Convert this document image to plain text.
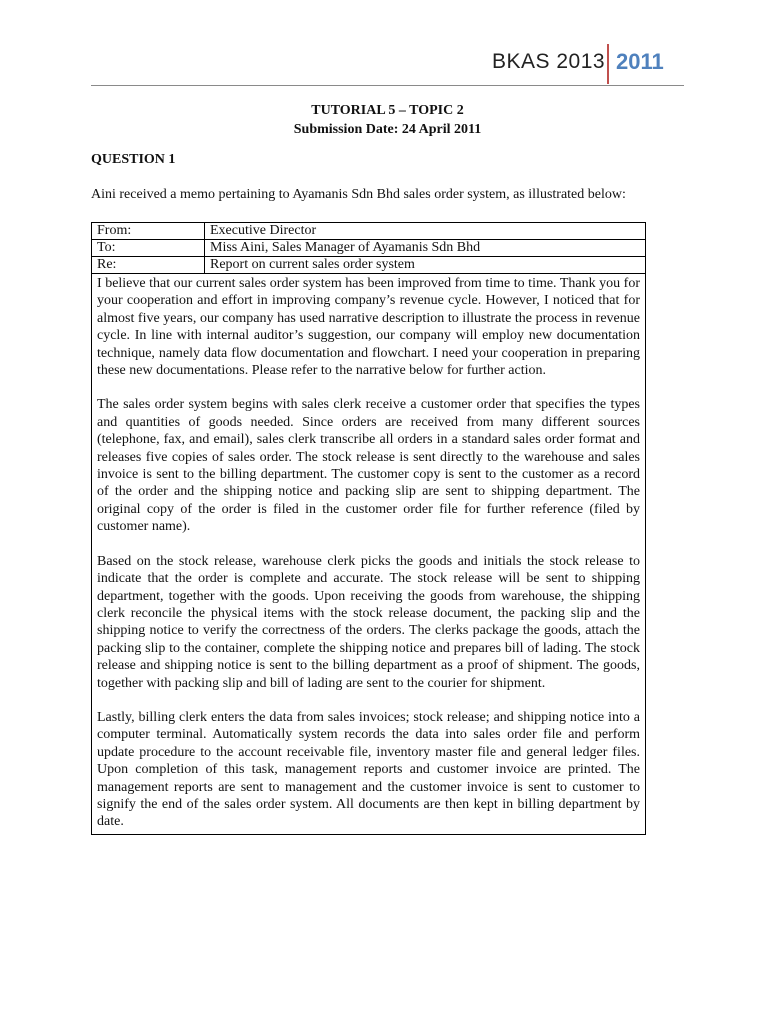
BKAS 2013 2011
TUTORIAL 5 – TOPIC 2
Submission Date: 24 April 2011
QUESTION 1
Aini received a memo pertaining to Ayamanis Sdn Bhd sales order system, as illustrated below:
From:	Executive Director
To:	Miss Aini, Sales Manager of Ayamanis Sdn Bhd
Re:	Report on current sales order system

I believe that our current sales order system has been improved from time to time. Thank you for your cooperation and effort in improving company’s revenue cycle. However, I noticed that for almost five years, our company has used narrative description to illustrate the process in revenue cycle. In line with internal auditor’s suggestion, our company will employ new documentation technique, namely data flow documentation and flowchart. I need your cooperation in preparing these new documentations. Please refer to the narrative below for further action.

The sales order system begins with sales clerk receive a customer order that specifies the types and quantities of goods needed. Since orders are received from many different sources (telephone, fax, and email), sales clerk transcribe all orders in a standard sales order format and releases five copies of sales order. The stock release is sent directly to the warehouse and sales invoice is sent to the billing department. The customer copy is sent to the customer as a record of the order and the shipping notice and packing slip are sent to shipping department. The original copy of the order is filed in the customer order file for further reference (filed by customer name).

Based on the stock release, warehouse clerk picks the goods and initials the stock release to indicate that the order is complete and accurate. The stock release will be sent to shipping department, together with the goods. Upon receiving the goods from warehouse, the shipping clerk reconcile the physical items with the stock release document, the packing slip and the shipping notice to verify the correctness of the orders. The clerks package the goods, attach the packing slip to the container, complete the shipping notice and prepares bill of lading. The stock release and shipping notice is sent to the billing department as a proof of shipment. The goods, together with packing slip and bill of lading are sent to the courier for shipment.

Lastly, billing clerk enters the data from sales invoices; stock release; and shipping notice into a computer terminal. Automatically system records the data into sales order file and perform update procedure to the account receivable file, inventory master file and general ledger files. Upon completion of this task, management reports and customer invoice are printed. The management reports are sent to management and the customer invoice is sent to customer to signify the end of the sales order system. All documents are then kept in billing department by date.
